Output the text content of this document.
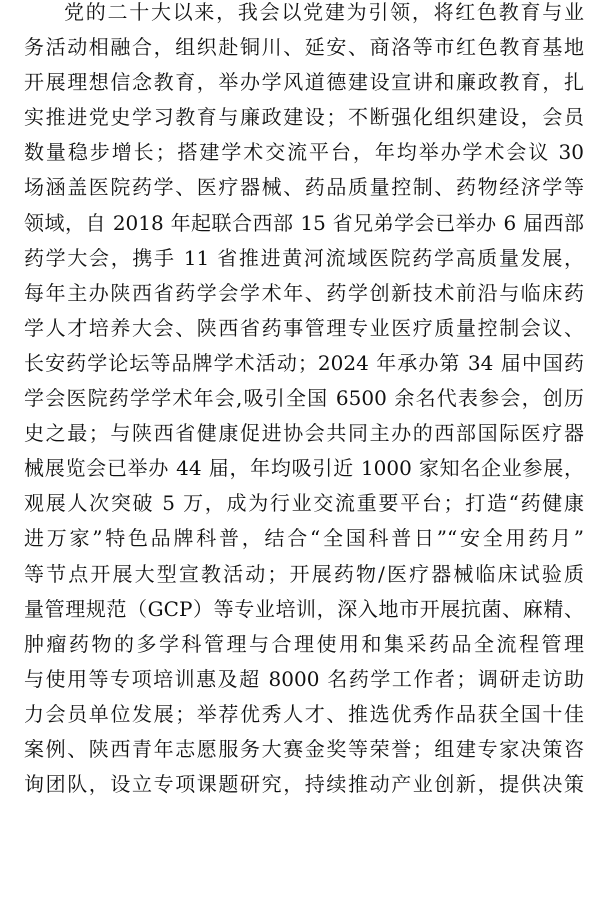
党的二十大以来，我会以党建为引领，将红色教育与业
务活动相融合，组织赴铜川、延安、商洛等市红色教育基地
开展理想信念教育，举办学风道德建设宣讲和廉政教育，扎
实推进党史学习教育与廉政建设；不断强化组织建设，会员
数量稳步增长；搭建学术交流平台，年均举办学术会议 30
场涵盖医院药学、医疗器械、药品质量控制、药物经济学等
领域，自 2018 年起联合西部 15 省兄弟学会已举办 6 届西部
药学大会，携手 11 省推进黄河流域医院药学高质量发展，
每年主办陕西省药学会学术年、药学创新技术前沿与临床药
学人才培养大会、陕西省药事管理专业医疗质量控制会议、
长安药学论坛等品牌学术活动；2024 年承办第 34 届中国药
学会医院药学学术年会,吸引全国 6500 余名代表参会，创历
史之最；与陕西省健康促进协会共同主办的西部国际医疗器
械展览会已举办 44 届，年均吸引近 1000 家知名企业参展，
观展人次突破 5 万，成为行业交流重要平台；打造“药健康
进万家”特色品牌科普，结合“全国科普日”“安全用药月”
等节点开展大型宣教活动；开展药物/医疗器械临床试验质
量管理规范（GCP）等专业培训，深入地市开展抗菌、麻精、
肿瘤药物的多学科管理与合理使用和集采药品全流程管理
与使用等专项培训惠及超 8000 名药学工作者；调研走访助
力会员单位发展；举荐优秀人才、推选优秀作品获全国十佳
案例、陕西青年志愿服务大赛金奖等荣誉；组建专家决策咨
询团队，设立专项课题研究，持续推动产业创新，提供决策
